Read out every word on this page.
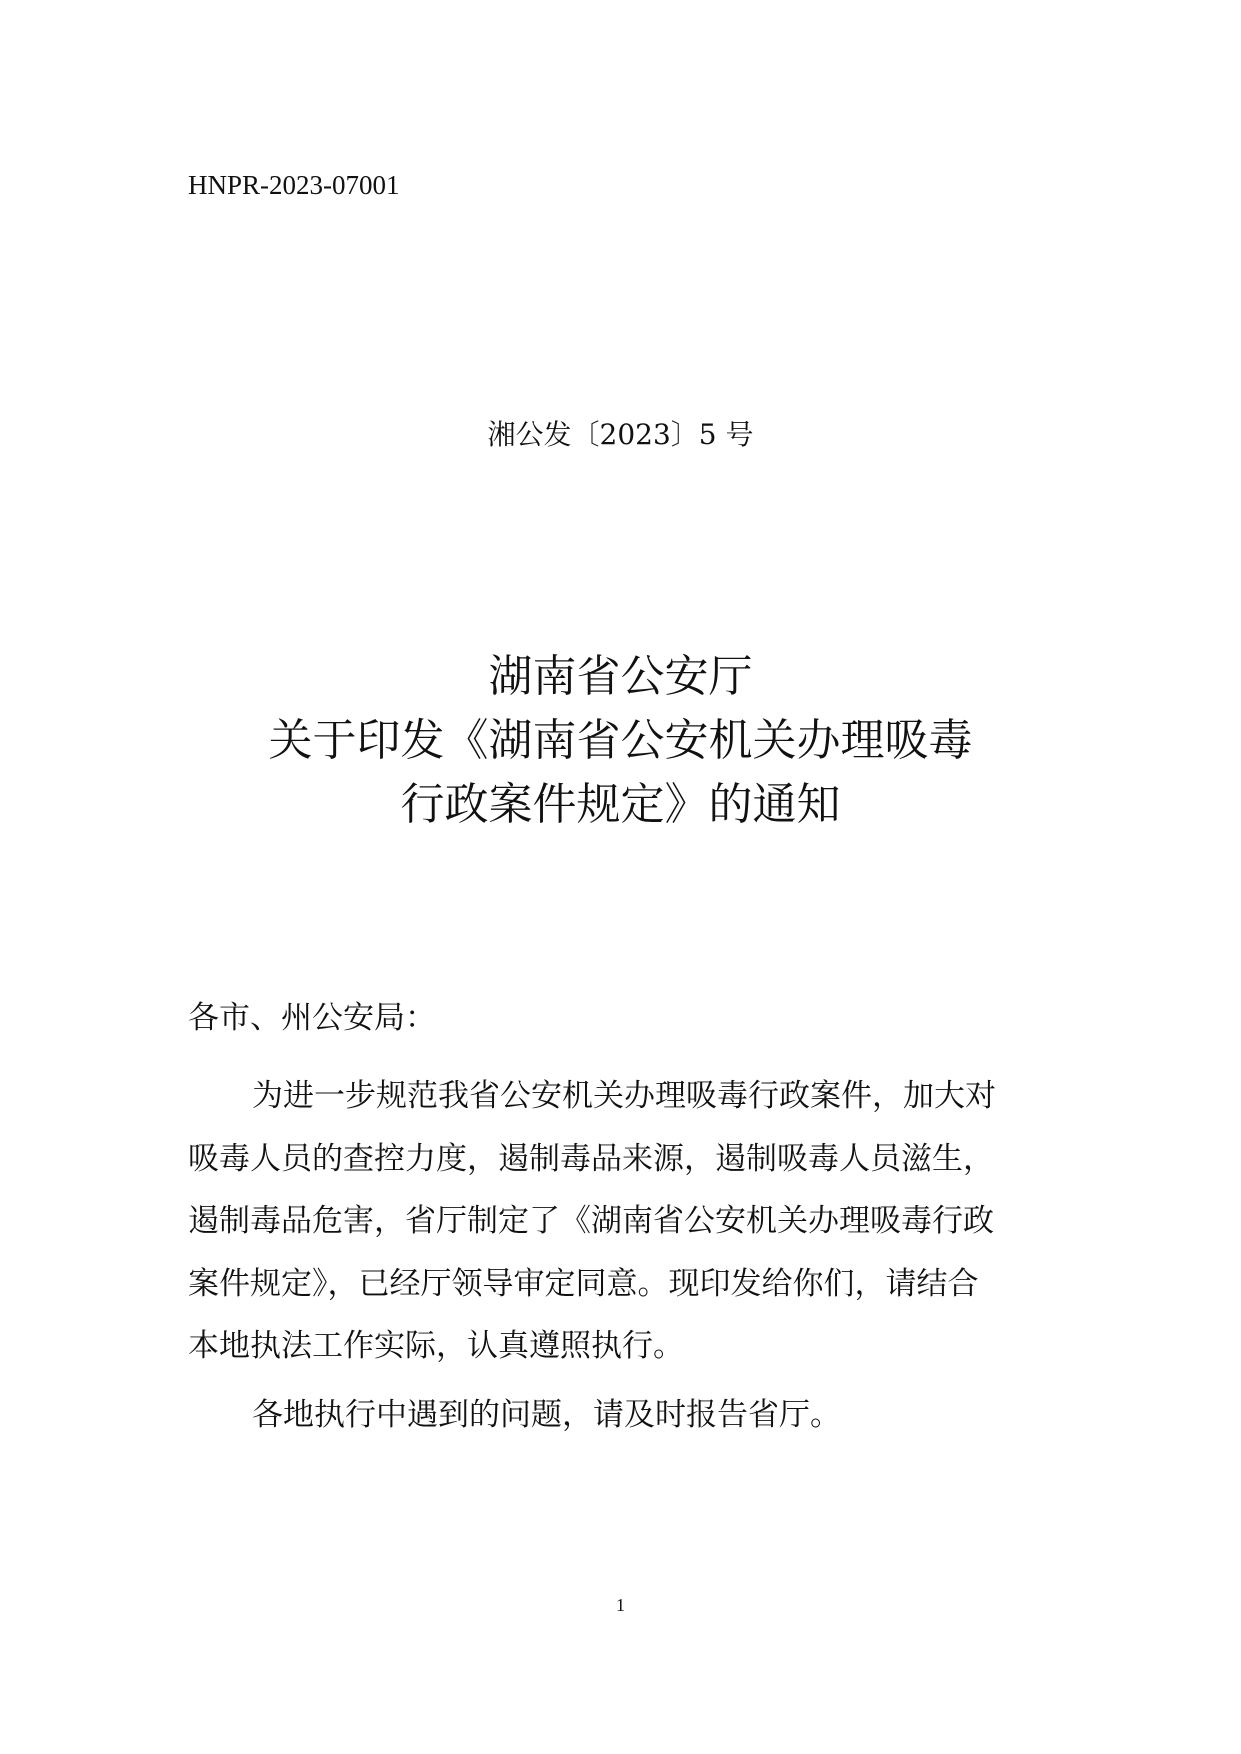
HNPR-2023-07001
湘公发〔2023〕5 号
湖南省公安厅
关于印发《湖南省公安机关办理吸毒
行政案件规定》的通知
各市、州公安局：
为进一步规范我省公安机关办理吸毒行政案件，加大对
吸毒人员的查控力度，遏制毒品来源，遏制吸毒人员滋生，
遏制毒品危害，省厅制定了《湖南省公安机关办理吸毒行政
案件规定》，已经厅领导审定同意。现印发给你们，请结合
本地执法工作实际，认真遵照执行。
各地执行中遇到的问题，请及时报告省厅。
1
